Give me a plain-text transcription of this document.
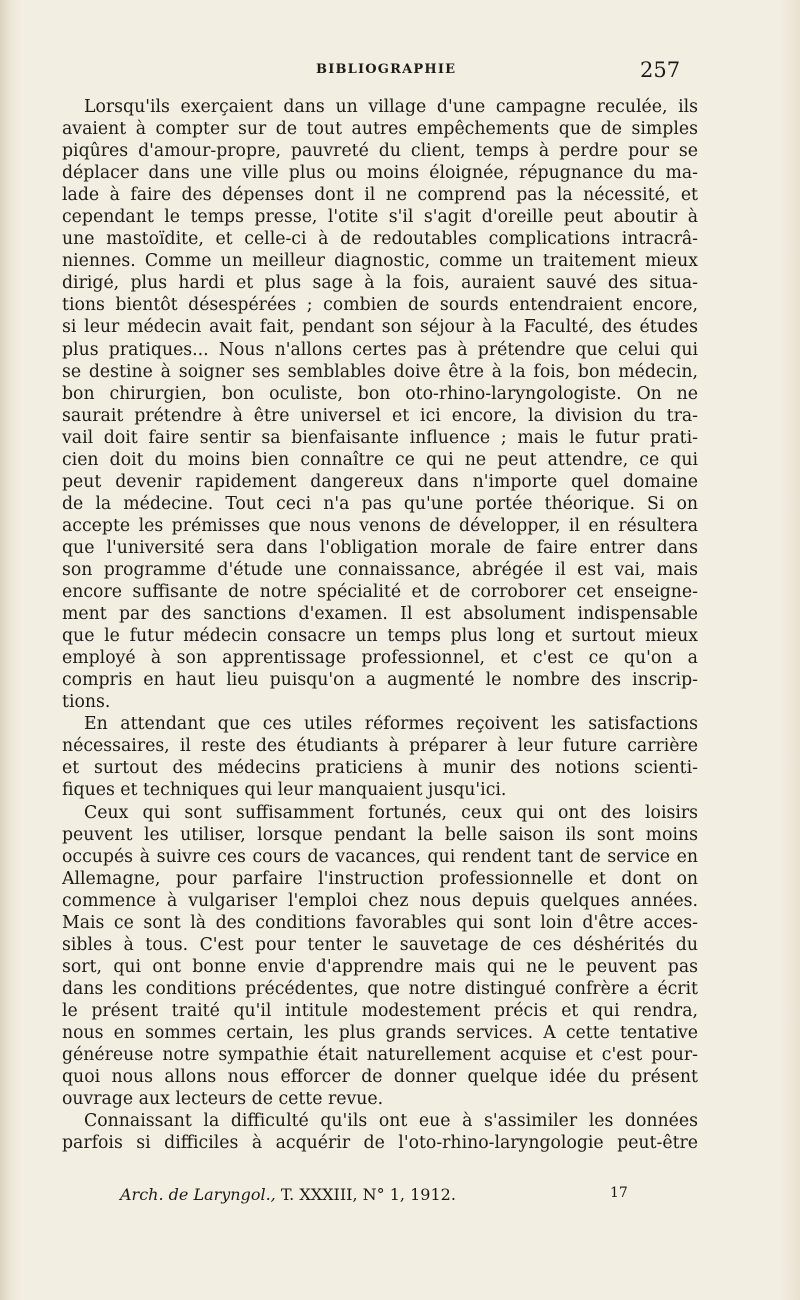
BIBLIOGRAPHIE	257
Lorsqu'ils exerçaient dans un village d'une campagne reculée, ils
avaient à compter sur de tout autres empêchements que de simples
piqûres d'amour-propre, pauvreté du client, temps à perdre pour se
déplacer dans une ville plus ou moins éloignée, répugnance du ma-
lade à faire des dépenses dont il ne comprend pas la nécessité, et
cependant le temps presse, l'otite s'il s'agit d'oreille peut aboutir à
une mastoïdite, et celle-ci à de redoutables complications intracrâ-
niennes. Comme un meilleur diagnostic, comme un traitement mieux
dirigé, plus hardi et plus sage à la fois, auraient sauvé des situa-
tions bientôt désespérées ; combien de sourds entendraient encore,
si leur médecin avait fait, pendant son séjour à la Faculté, des études
plus pratiques... Nous n'allons certes pas à prétendre que celui qui
se destine à soigner ses semblables doive être à la fois, bon médecin,
bon chirurgien, bon oculiste, bon oto-rhino-laryngologiste. On ne
saurait prétendre à être universel et ici encore, la division du tra-
vail doit faire sentir sa bienfaisante influence ; mais le futur prati-
cien doit du moins bien connaître ce qui ne peut attendre, ce qui
peut devenir rapidement dangereux dans n'importe quel domaine
de la médecine. Tout ceci n'a pas qu'une portée théorique. Si on
accepte les prémisses que nous venons de développer, il en résultera
que l'université sera dans l'obligation morale de faire entrer dans
son programme d'étude une connaissance, abrégée il est vai, mais
encore suffisante de notre spécialité et de corroborer cet enseigne-
ment par des sanctions d'examen. Il est absolument indispensable
que le futur médecin consacre un temps plus long et surtout mieux
employé à son apprentissage professionnel, et c'est ce qu'on a
compris en haut lieu puisqu'on a augmenté le nombre des inscrip-
tions.
En attendant que ces utiles réformes reçoivent les satisfactions
nécessaires, il reste des étudiants à préparer à leur future carrière
et surtout des médecins praticiens à munir des notions scienti-
fiques et techniques qui leur manquaient jusqu'ici.
Ceux qui sont suffisamment fortunés, ceux qui ont des loisirs
peuvent les utiliser, lorsque pendant la belle saison ils sont moins
occupés à suivre ces cours de vacances, qui rendent tant de service en
Allemagne, pour parfaire l'instruction professionnelle et dont on
commence à vulgariser l'emploi chez nous depuis quelques années.
Mais ce sont là des conditions favorables qui sont loin d'être acces-
sibles à tous. C'est pour tenter le sauvetage de ces déshérités du
sort, qui ont bonne envie d'apprendre mais qui ne le peuvent pas
dans les conditions précédentes, que notre distingué confrère a écrit
le présent traité qu'il intitule modestement précis et qui rendra,
nous en sommes certain, les plus grands services. A cette tentative
généreuse notre sympathie était naturellement acquise et c'est pour-
quoi nous allons nous efforcer de donner quelque idée du présent
ouvrage aux lecteurs de cette revue.
Connaissant la difficulté qu'ils ont eue à s'assimiler les données
parfois si difficiles à acquérir de l'oto-rhino-laryngologie peut-être
Arch. de Laryngol., T. XXXIII, N° 1, 1912.	17
